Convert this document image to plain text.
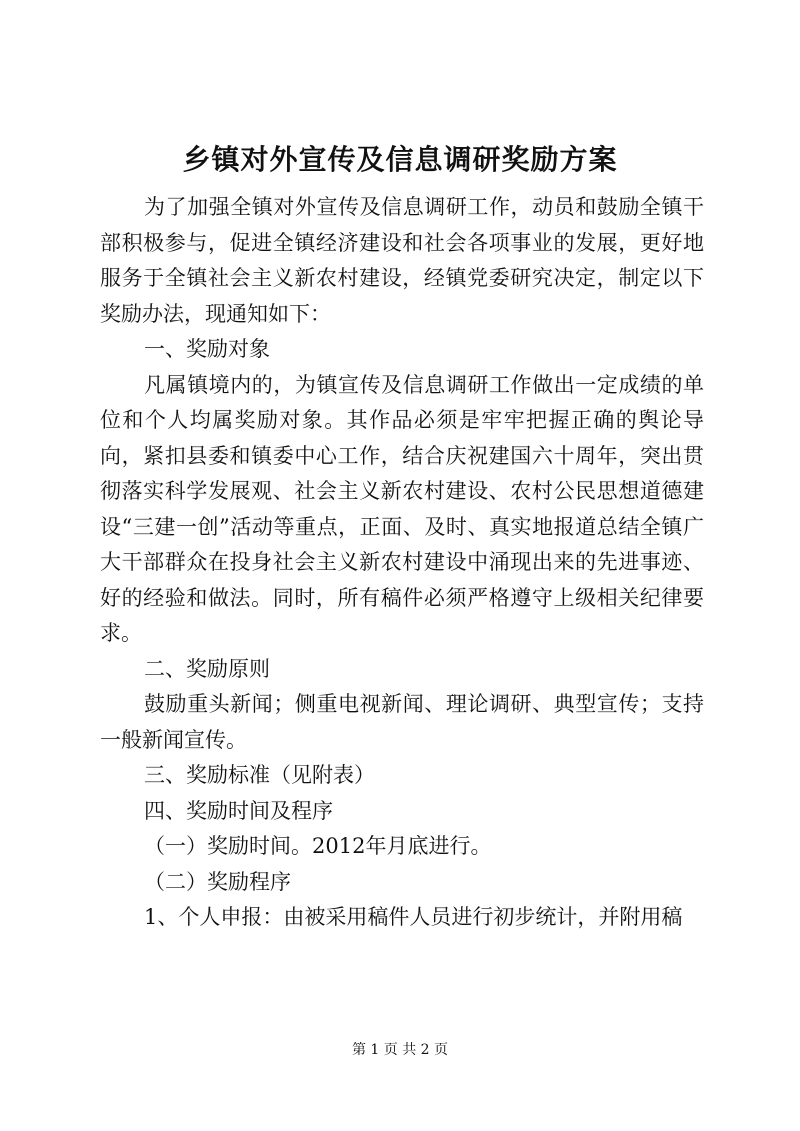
乡镇对外宣传及信息调研奖励方案

为了加强全镇对外宣传及信息调研工作，动员和鼓励全镇干部积极参与，促进全镇经济建设和社会各项事业的发展，更好地服务于全镇社会主义新农村建设，经镇党委研究决定，制定以下奖励办法，现通知如下：

一、奖励对象

凡属镇境内的，为镇宣传及信息调研工作做出一定成绩的单位和个人均属奖励对象。其作品必须是牢牢把握正确的舆论导向，紧扣县委和镇委中心工作，结合庆祝建国六十周年，突出贯彻落实科学发展观、社会主义新农村建设、农村公民思想道德建设“三建一创”活动等重点，正面、及时、真实地报道总结全镇广大干部群众在投身社会主义新农村建设中涌现出来的先进事迹、好的经验和做法。同时，所有稿件必须严格遵守上级相关纪律要求。

二、奖励原则

鼓励重头新闻；侧重电视新闻、理论调研、典型宣传；支持一般新闻宣传。

三、奖励标准（见附表）

四、奖励时间及程序

（一）奖励时间。2012年月底进行。

（二）奖励程序

1、个人申报：由被采用稿件人员进行初步统计，并附用稿

第 1 页 共 2 页
